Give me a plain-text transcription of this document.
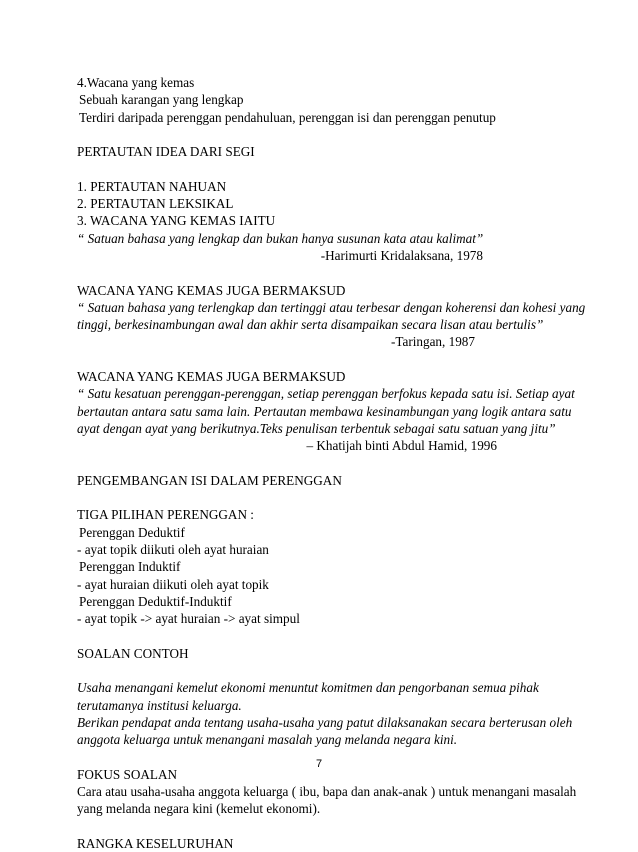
4.Wacana yang kemas
Sebuah karangan yang lengkap
Terdiri daripada perenggan pendahuluan, perenggan isi dan perenggan penutup
PERTAUTAN IDEA DARI SEGI
1. PERTAUTAN NAHUAN
2. PERTAUTAN LEKSIKAL
3. WACANA YANG KEMAS IAITU
“ Satuan bahasa yang lengkap dan bukan hanya susunan kata atau kalimat”
-Harimurti Kridalaksana, 1978
WACANA YANG KEMAS JUGA BERMAKSUD
“ Satuan bahasa yang terlengkap dan tertinggi atau terbesar dengan koherensi dan kohesi yang
tinggi, berkesinambungan awal dan akhir serta disampaikan secara lisan atau bertulis”
-Taringan, 1987
WACANA YANG KEMAS JUGA BERMAKSUD
“ Satu kesatuan perenggan-perenggan, setiap perenggan berfokus kepada satu isi. Setiap ayat
bertautan antara satu sama lain. Pertautan membawa kesinambungan yang logik antara satu
ayat dengan ayat yang berikutnya.Teks penulisan terbentuk sebagai satu satuan yang jitu”
– Khatijah binti Abdul Hamid, 1996
PENGEMBANGAN ISI DALAM PERENGGAN
TIGA PILIHAN PERENGGAN :
Perenggan Deduktif
- ayat topik diikuti oleh ayat huraian
Perenggan Induktif
- ayat huraian diikuti oleh ayat topik
Perenggan Deduktif-Induktif
- ayat topik -> ayat huraian -> ayat simpul
SOALAN CONTOH
Usaha menangani kemelut ekonomi menuntut komitmen dan pengorbanan semua pihak
terutamanya institusi keluarga.
Berikan pendapat anda tentang usaha-usaha yang patut dilaksanakan secara berterusan oleh
anggota keluarga untuk menangani masalah yang melanda negara kini.
FOKUS SOALAN
Cara atau usaha-usaha anggota keluarga ( ibu, bapa dan anak-anak ) untuk menangani masalah
yang melanda negara kini (kemelut ekonomi).
RANGKA KESELURUHAN
7
